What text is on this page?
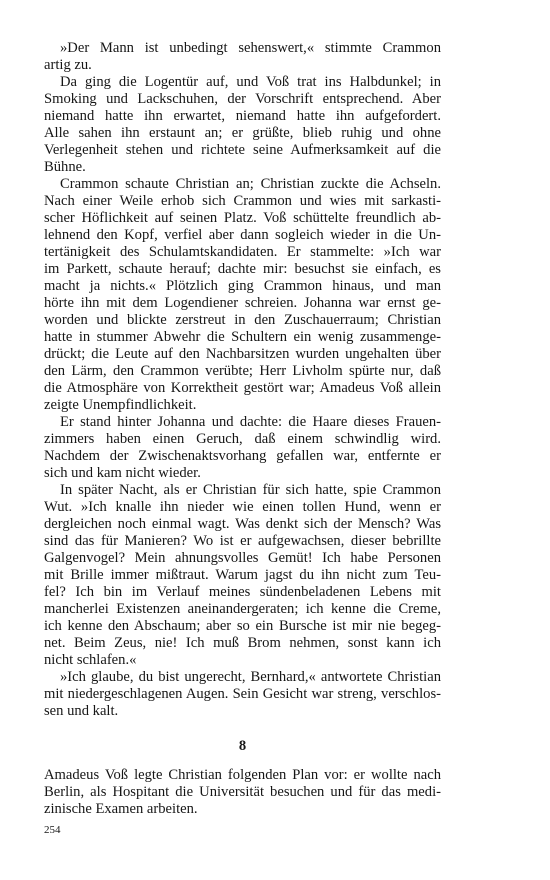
»Der Mann ist unbedingt sehenswert,« stimmte Crammon
artig zu.
Da ging die Logentür auf, und Voß trat ins Halbdunkel; in
Smoking und Lackschuhen, der Vorschrift entsprechend. Aber
niemand hatte ihn erwartet, niemand hatte ihn aufgefordert.
Alle sahen ihn erstaunt an; er grüßte, blieb ruhig und ohne
Verlegenheit stehen und richtete seine Aufmerksamkeit auf die
Bühne.
Crammon schaute Christian an; Christian zuckte die Achseln.
Nach einer Weile erhob sich Crammon und wies mit sarkasti-
scher Höflichkeit auf seinen Platz. Voß schüttelte freundlich ab-
lehnend den Kopf, verfiel aber dann sogleich wieder in die Un-
tertänigkeit des Schulamtskandidaten. Er stammelte: »Ich war
im Parkett, schaute herauf; dachte mir: besuchst sie einfach, es
macht ja nichts.« Plötzlich ging Crammon hinaus, und man
hörte ihn mit dem Logendiener schreien. Johanna war ernst ge-
worden und blickte zerstreut in den Zuschauerraum; Christian
hatte in stummer Abwehr die Schultern ein wenig zusammenge-
drückt; die Leute auf den Nachbarsitzen wurden ungehalten über
den Lärm, den Crammon verübte; Herr Livholm spürte nur, daß
die Atmosphäre von Korrektheit gestört war; Amadeus Voß allein
zeigte Unempfindlichkeit.
Er stand hinter Johanna und dachte: die Haare dieses Frauen-
zimmers haben einen Geruch, daß einem schwindlig wird.
Nachdem der Zwischenaktsvorhang gefallen war, entfernte er
sich und kam nicht wieder.
In später Nacht, als er Christian für sich hatte, spie Crammon
Wut. »Ich knalle ihn nieder wie einen tollen Hund, wenn er
dergleichen noch einmal wagt. Was denkt sich der Mensch? Was
sind das für Manieren? Wo ist er aufgewachsen, dieser bebrillte
Galgenvogel? Mein ahnungsvolles Gemüt! Ich habe Personen
mit Brille immer mißtraut. Warum jagst du ihn nicht zum Teu-
fel? Ich bin im Verlauf meines sündenbeladenen Lebens mit
mancherlei Existenzen aneinandergeraten; ich kenne die Creme,
ich kenne den Abschaum; aber so ein Bursche ist mir nie begeg-
net. Beim Zeus, nie! Ich muß Brom nehmen, sonst kann ich
nicht schlafen.«
»Ich glaube, du bist ungerecht, Bernhard,« antwortete Christian
mit niedergeschlagenen Augen. Sein Gesicht war streng, verschlos-
sen und kalt.
8
Amadeus Voß legte Christian folgenden Plan vor: er wollte nach
Berlin, als Hospitant die Universität besuchen und für das medi-
zinische Examen arbeiten.
254
